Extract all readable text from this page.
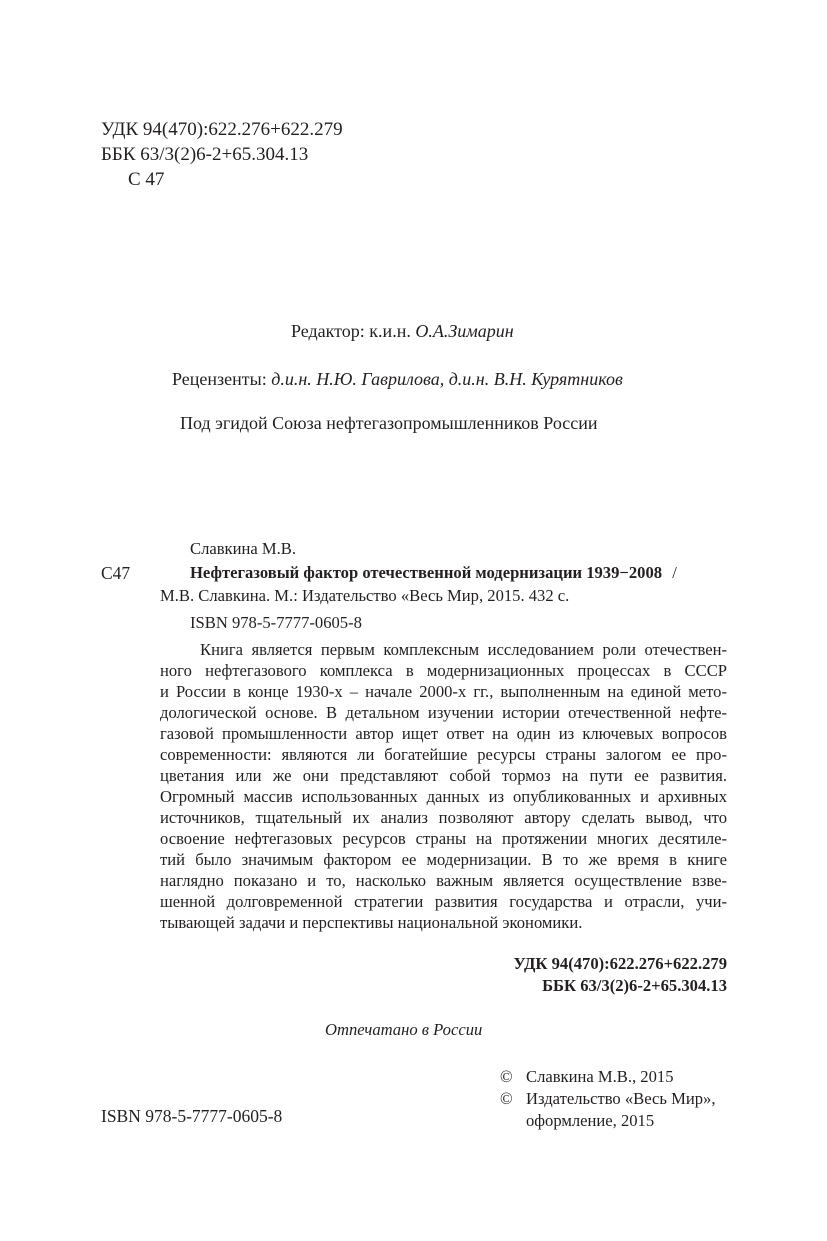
УДК 94(470):622.276+622.279
ББК 63/3(2)6-2+65.304.13
С 47
Редактор: к.и.н. О.А.Зимарин
Рецензенты: д.и.н. Н.Ю. Гаврилова, д.и.н. В.Н. Курятников
Под эгидой Союза нефтегазопромышленников России
Славкина М.В.
С47	Нефтегазовый фактор отечественной модернизации 1939−2008 /
М.В. Славкина. М.: Издательство «Весь Мир, 2015. 432 с.
ISBN 978-5-7777-0605-8
Книга является первым комплексным исследованием роли отечествен-
ного нефтегазового комплекса в модернизационных процессах в СССР
и России в конце 1930-х – начале 2000-х гг., выполненным на единой мето-
дологической основе. В детальном изучении истории отечественной нефте-
газовой промышленности автор ищет ответ на один из ключевых вопросов
современности: являются ли богатейшие ресурсы страны залогом ее про-
цветания или же они представляют собой тормоз на пути ее развития.
Огромный массив использованных данных из опубликованных и архивных
источников, тщательный их анализ позволяют автору сделать вывод, что
освоение нефтегазовых ресурсов страны на протяжении многих десятиле-
тий было значимым фактором ее модернизации. В то же время в книге
наглядно показано и то, насколько важным является осуществление взве-
шенной долговременной стратегии развития государства и отрасли, учи-
тывающей задачи и перспективы национальной экономики.
УДК 94(470):622.276+622.279
ББК 63/3(2)6-2+65.304.13
Отпечатано в России
© Славкина М.В., 2015
© Издательство «Весь Мир»,
оформление, 2015
ISBN 978-5-7777-0605-8
